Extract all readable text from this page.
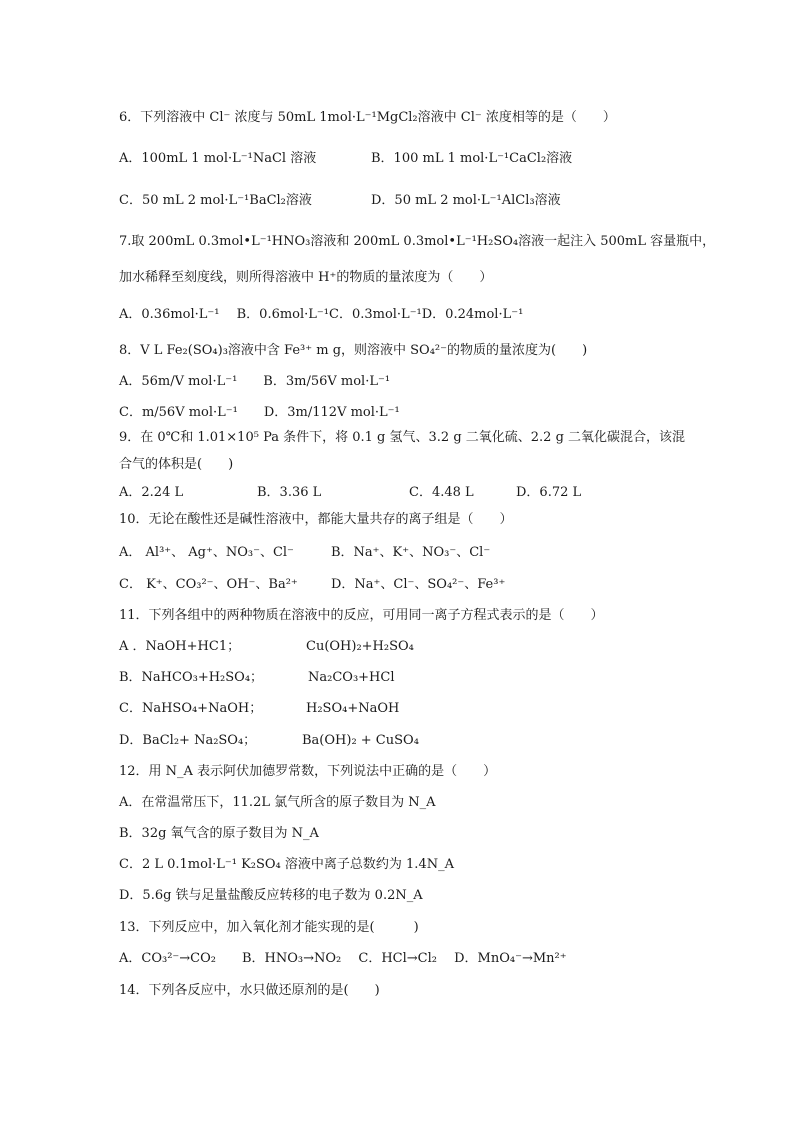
6．下列溶液中 Cl⁻ 浓度与 50mL 1mol·L⁻¹MgCl₂溶液中 Cl⁻ 浓度相等的是（　　）
A．100mL 1 mol·L⁻¹NaCl 溶液	B．100 mL 1 mol·L⁻¹CaCl₂溶液
C．50 mL 2 mol·L⁻¹BaCl₂溶液	D．50 mL 2 mol·L⁻¹AlCl₃溶液
7.取 200mL 0.3mol•L⁻¹HNO₃溶液和 200mL 0.3mol•L⁻¹H₂SO₄溶液一起注入 500mL 容量瓶中，
加水稀释至刻度线，则所得溶液中 H⁺的物质的量浓度为（　　）
A．0.36mol·L⁻¹　 B．0.6mol·L⁻¹C．0.3mol·L⁻¹D．0.24mol·L⁻¹
8．V L Fe₂(SO₄)₃溶液中含 Fe³⁺ m g，则溶液中 SO₄²⁻的物质的量浓度为(　　)
A．56m/V mol·L⁻¹　　B．3m/56V mol·L⁻¹
C．m/56V mol·L⁻¹　　D．3m/112V mol·L⁻¹
9．在 0℃和 1.01×10⁵ Pa 条件下，将 0.1 g 氢气、3.2 g 二氧化硫、2.2 g 二氧化碳混合，该混
合气的体积是(　　)
A．2.24 L	B．3.36 L	C．4.48 L	D．6.72 L
10．无论在酸性还是碱性溶液中，都能大量共存的离子组是（　　）
A． Al³⁺、 Ag⁺、NO₃⁻、Cl⁻	B．Na⁺、K⁺、NO₃⁻、Cl⁻
C． K⁺、CO₃²⁻、OH⁻、Ba²⁺	D．Na⁺、Cl⁻、SO₄²⁻、Fe³⁺
11．下列各组中的两种物质在溶液中的反应，可用同一离子方程式表示的是（　　）
A ．NaOH+HC1；	Cu(OH)₂+H₂SO₄
B．NaHCO₃+H₂SO₄；	Na₂CO₃+HCl
C．NaHSO₄+NaOH；	H₂SO₄+NaOH
D．BaCl₂+ Na₂SO₄；	Ba(OH)₂ + CuSO₄
12．用 N_A 表示阿伏加德罗常数，下列说法中正确的是（　　）
A．在常温常压下，11.2L 氯气所含的原子数目为 N_A
B．32g 氧气含的原子数目为 N_A
C．2 L 0.1mol·L⁻¹ K₂SO₄ 溶液中离子总数约为 1.4N_A
D．5.6g 铁与足量盐酸反应转移的电子数为 0.2N_A
13．下列反应中，加入氧化剂才能实现的是(　　　)
A．CO₃²⁻→CO₂　　B．HNO₃→NO₂　 C．HCl→Cl₂　 D．MnO₄⁻→Mn²⁺
14．下列各反应中，水只做还原剂的是(　　)
